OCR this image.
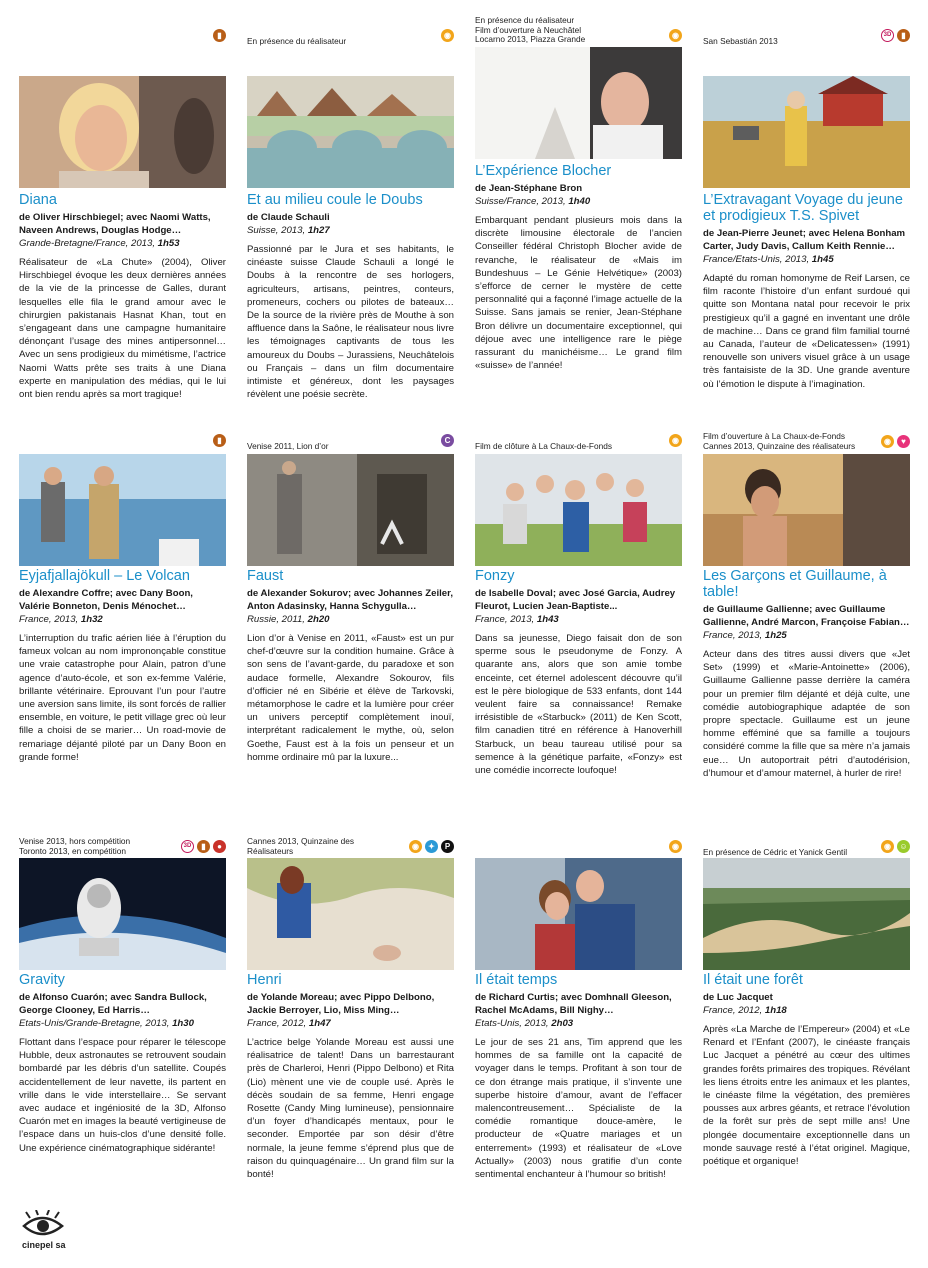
▮
Diana
de Oliver Hirschbiegel; avec Naomi Watts, Naveen Andrews, Douglas Hodge…
Grande-Bretagne/France, 2013, 1h53
Réalisateur de «La Chute» (2004), Oliver Hirschbiegel évoque les deux dernières années de la vie de la princesse de Galles, durant lesquelles elle fila le grand amour avec le chirurgien pakistanais Hasnat Khan, tout en s’engageant dans une campagne humanitaire dénonçant l’usage des mines antipersonnel… Avec un sens prodigieux du mimétisme, l’actrice Naomi Watts prête ses traits à une Diana experte en manipulation des médias, qui le lui ont bien rendu après sa mort tragique!
En présence du réalisateur
◉
Et au milieu coule le Doubs
de Claude Schauli
Suisse, 2013, 1h27
Passionné par le Jura et ses habitants, le cinéaste suisse Claude Schauli a longé le Doubs à la rencontre de ses horlogers, agriculteurs, artisans, peintres, conteurs, promeneurs, cochers ou pilotes de bateaux… De la source de la rivière près de Mouthe à son affluence dans la Saône, le réalisateur nous livre les témoignages captivants de tous les amoureux du Doubs – Jurassiens, Neuchâtelois ou Français – dans un film documentaire intimiste et généreux, dont les paysages révèlent une poésie secrète.
En présence du réalisateur
Film d’ouverture à Neuchâtel
Locarno 2013, Piazza Grande	◉
L’Expérience Blocher
de Jean-Stéphane Bron
Suisse/France, 2013, 1h40
Embarquant pendant plusieurs mois dans la discrète limousine électorale de l’ancien Conseiller fédéral Christoph Blocher avide de revanche, le réalisateur de «Mais im Bundeshuus – Le Génie Helvétique» (2003) s’efforce de cerner le mystère de cette personnalité qui a façonné l’image actuelle de la Suisse. Sans jamais se renier, Jean-Stéphane Bron délivre un documentaire exceptionnel, qui déjoue avec une intelligence rare le piège rassurant du manichéisme… Le grand film «suisse» de l’année!
San Sebastián 2013
3D	▮
L’Extravagant Voyage du jeune et prodigieux T.S. Spivet
de Jean-Pierre Jeunet; avec Helena Bonham Carter, Judy Davis, Callum Keith Rennie…
France/Etats-Unis, 2013, 1h45
Adapté du roman homonyme de Reif Larsen, ce film raconte l’histoire d’un enfant surdoué qui quitte son Montana natal pour recevoir le prix prestigieux qu’il a gagné en inventant une drôle de machine… Dans ce grand film familial tourné au Canada, l’auteur de «Delicatessen» (1991) renouvelle son univers visuel grâce à un usage très fantaisiste de la 3D. Une grande aventure où l’émotion le dispute à l’imagination.
▮
Eyjafjallajökull – Le Volcan
de Alexandre Coffre; avec Dany Boon, Valérie Bonneton, Denis Ménochet…
France, 2013, 1h32
L’interruption du trafic aérien liée à l’éruption du fameux volcan au nom imprononçable constitue une vraie catastrophe pour Alain, patron d’une agence d’auto-école, et son ex-femme Valérie, brillante vétérinaire. Eprouvant l’un pour l’autre une aversion sans limite, ils sont forcés de rallier ensemble, en voiture, le petit village grec où leur fille a choisi de se marier… Un road-movie de remariage déjanté piloté par un Dany Boon en grande forme!
Venise 2011, Lion d’or
C
Faust
de Alexander Sokurov; avec Johannes Zeiler, Anton Adasinsky, Hanna Schygulla…
Russie, 2011, 2h20
Lion d’or à Venise en 2011, «Faust» est un pur chef-d’œuvre sur la condition humaine. Grâce à son sens de l’avant-garde, du paradoxe et son audace formelle, Alexandre Sokourov, fils d’officier né en Sibérie et élève de Tarkovski, métamorphose le cadre et la lumière pour créer un univers perceptif complètement inouï, interprétant radicalement le mythe, où, selon Goethe, Faust est à la fois un penseur et un homme ordinaire mû par la luxure...
Film de clôture à La Chaux-de-Fonds
◉
Fonzy
de Isabelle Doval; avec José Garcia, Audrey Fleurot, Lucien Jean-Baptiste...
France, 2013, 1h43
Dans sa jeunesse, Diego faisait don de son sperme sous le pseudonyme de Fonzy. A quarante ans, alors que son amie tombe enceinte, cet éternel adolescent découvre qu’il est le père biologique de 533 enfants, dont 144 veulent faire sa connaissance! Remake irrésistible de «Starbuck» (2011) de Ken Scott, film canadien titré en référence à Hanoverhill Starbuck, un beau taureau utilisé pour sa semence à la génétique parfaite, «Fonzy» est une comédie incorrecte loufoque!
Film d’ouverture à La Chaux-de-Fonds
Cannes 2013, Quinzaine des réalisateurs	◉	♥
Les Garçons et Guillaume, à table!
de Guillaume Gallienne; avec Guillaume Gallienne, André Marcon, Françoise Fabian…
France, 2013, 1h25
Acteur dans des titres aussi divers que «Jet Set» (1999) et «Marie-Antoinette» (2006), Guillaume Gallienne passe derrière la caméra pour un premier film déjanté et déjà culte, une comédie autobiographique adaptée de son propre spectacle. Guillaume est un jeune homme efféminé que sa famille a toujours considéré comme la fille que sa mère n’a jamais eue… Un autoportrait pétri d’autodérision, d’humour et d’amour maternel, à hurler de rire!
Venise 2013, hors compétition
Toronto 2013, en compétition	3D	▮	●
Gravity
de Alfonso Cuarón; avec Sandra Bullock, George Clooney, Ed Harris…
Etats-Unis/Grande-Bretagne, 2013, 1h30
Flottant dans l’espace pour réparer le télescope Hubble, deux astronautes se retrouvent soudain bombardé par les débris d’un satellite. Coupés accidentellement de leur navette, ils partent en vrille dans le vide interstellaire… Se servant avec audace et ingéniosité de la 3D, Alfonso Cuarón met en images la beauté vertigineuse de l’espace dans un huis-clos d’une densité folle. Une expérience cinématographique sidérante!
Cannes 2013, Quinzaine des
Réalisateurs	◉	✦	P
Henri
de Yolande Moreau; avec Pippo Delbono, Jackie Berroyer, Lio, Miss Ming…
France, 2012, 1h47
L’actrice belge Yolande Moreau est aussi une réalisatrice de talent! Dans un barrestaurant près de Charleroi, Henri (Pippo Delbono) et Rita (Lio) mènent une vie de couple usé. Après le décès soudain de sa femme, Henri engage Rosette (Candy Ming lumineuse), pensionnaire d’un foyer d’handicapés mentaux, pour le seconder. Emportée par son désir d’être normale, la jeune femme s’éprend plus que de raison du quinquagénaire… Un grand film sur la bonté!
◉
Il était temps
de Richard Curtis; avec Domhnall Gleeson, Rachel McAdams, Bill Nighy…
Etats-Unis, 2013, 2h03
Le jour de ses 21 ans, Tim apprend que les hommes de sa famille ont la capacité de voyager dans le temps. Profitant à son tour de ce don étrange mais pratique, il s’invente une superbe histoire d’amour, avant de l’effacer malencontreusement… Spécialiste de la comédie romantique douce-amère, le producteur de «Quatre mariages et un enterrement» (1993) et réalisateur de «Love Actually» (2003) nous gratifie d’un conte sentimental enchanteur à l’humour so british!
En présence de Cédric et Yanick Gentil
◉	☺
Il était une forêt
de Luc Jacquet
France, 2012, 1h18
Après «La Marche de l’Empereur» (2004) et «Le Renard et l’Enfant (2007), le cinéaste français Luc Jacquet a pénétré au cœur des ultimes grandes forêts primaires des tropiques. Révélant les liens étroits entre les animaux et les plantes, le cinéaste filme la végétation, des premières pousses aux arbres géants, et retrace l’évolution de la forêt sur près de sept mille ans! Une plongée documentaire exceptionnelle dans un monde sauvage resté à l’état originel. Magique, poétique et organique!
cinepel sa
